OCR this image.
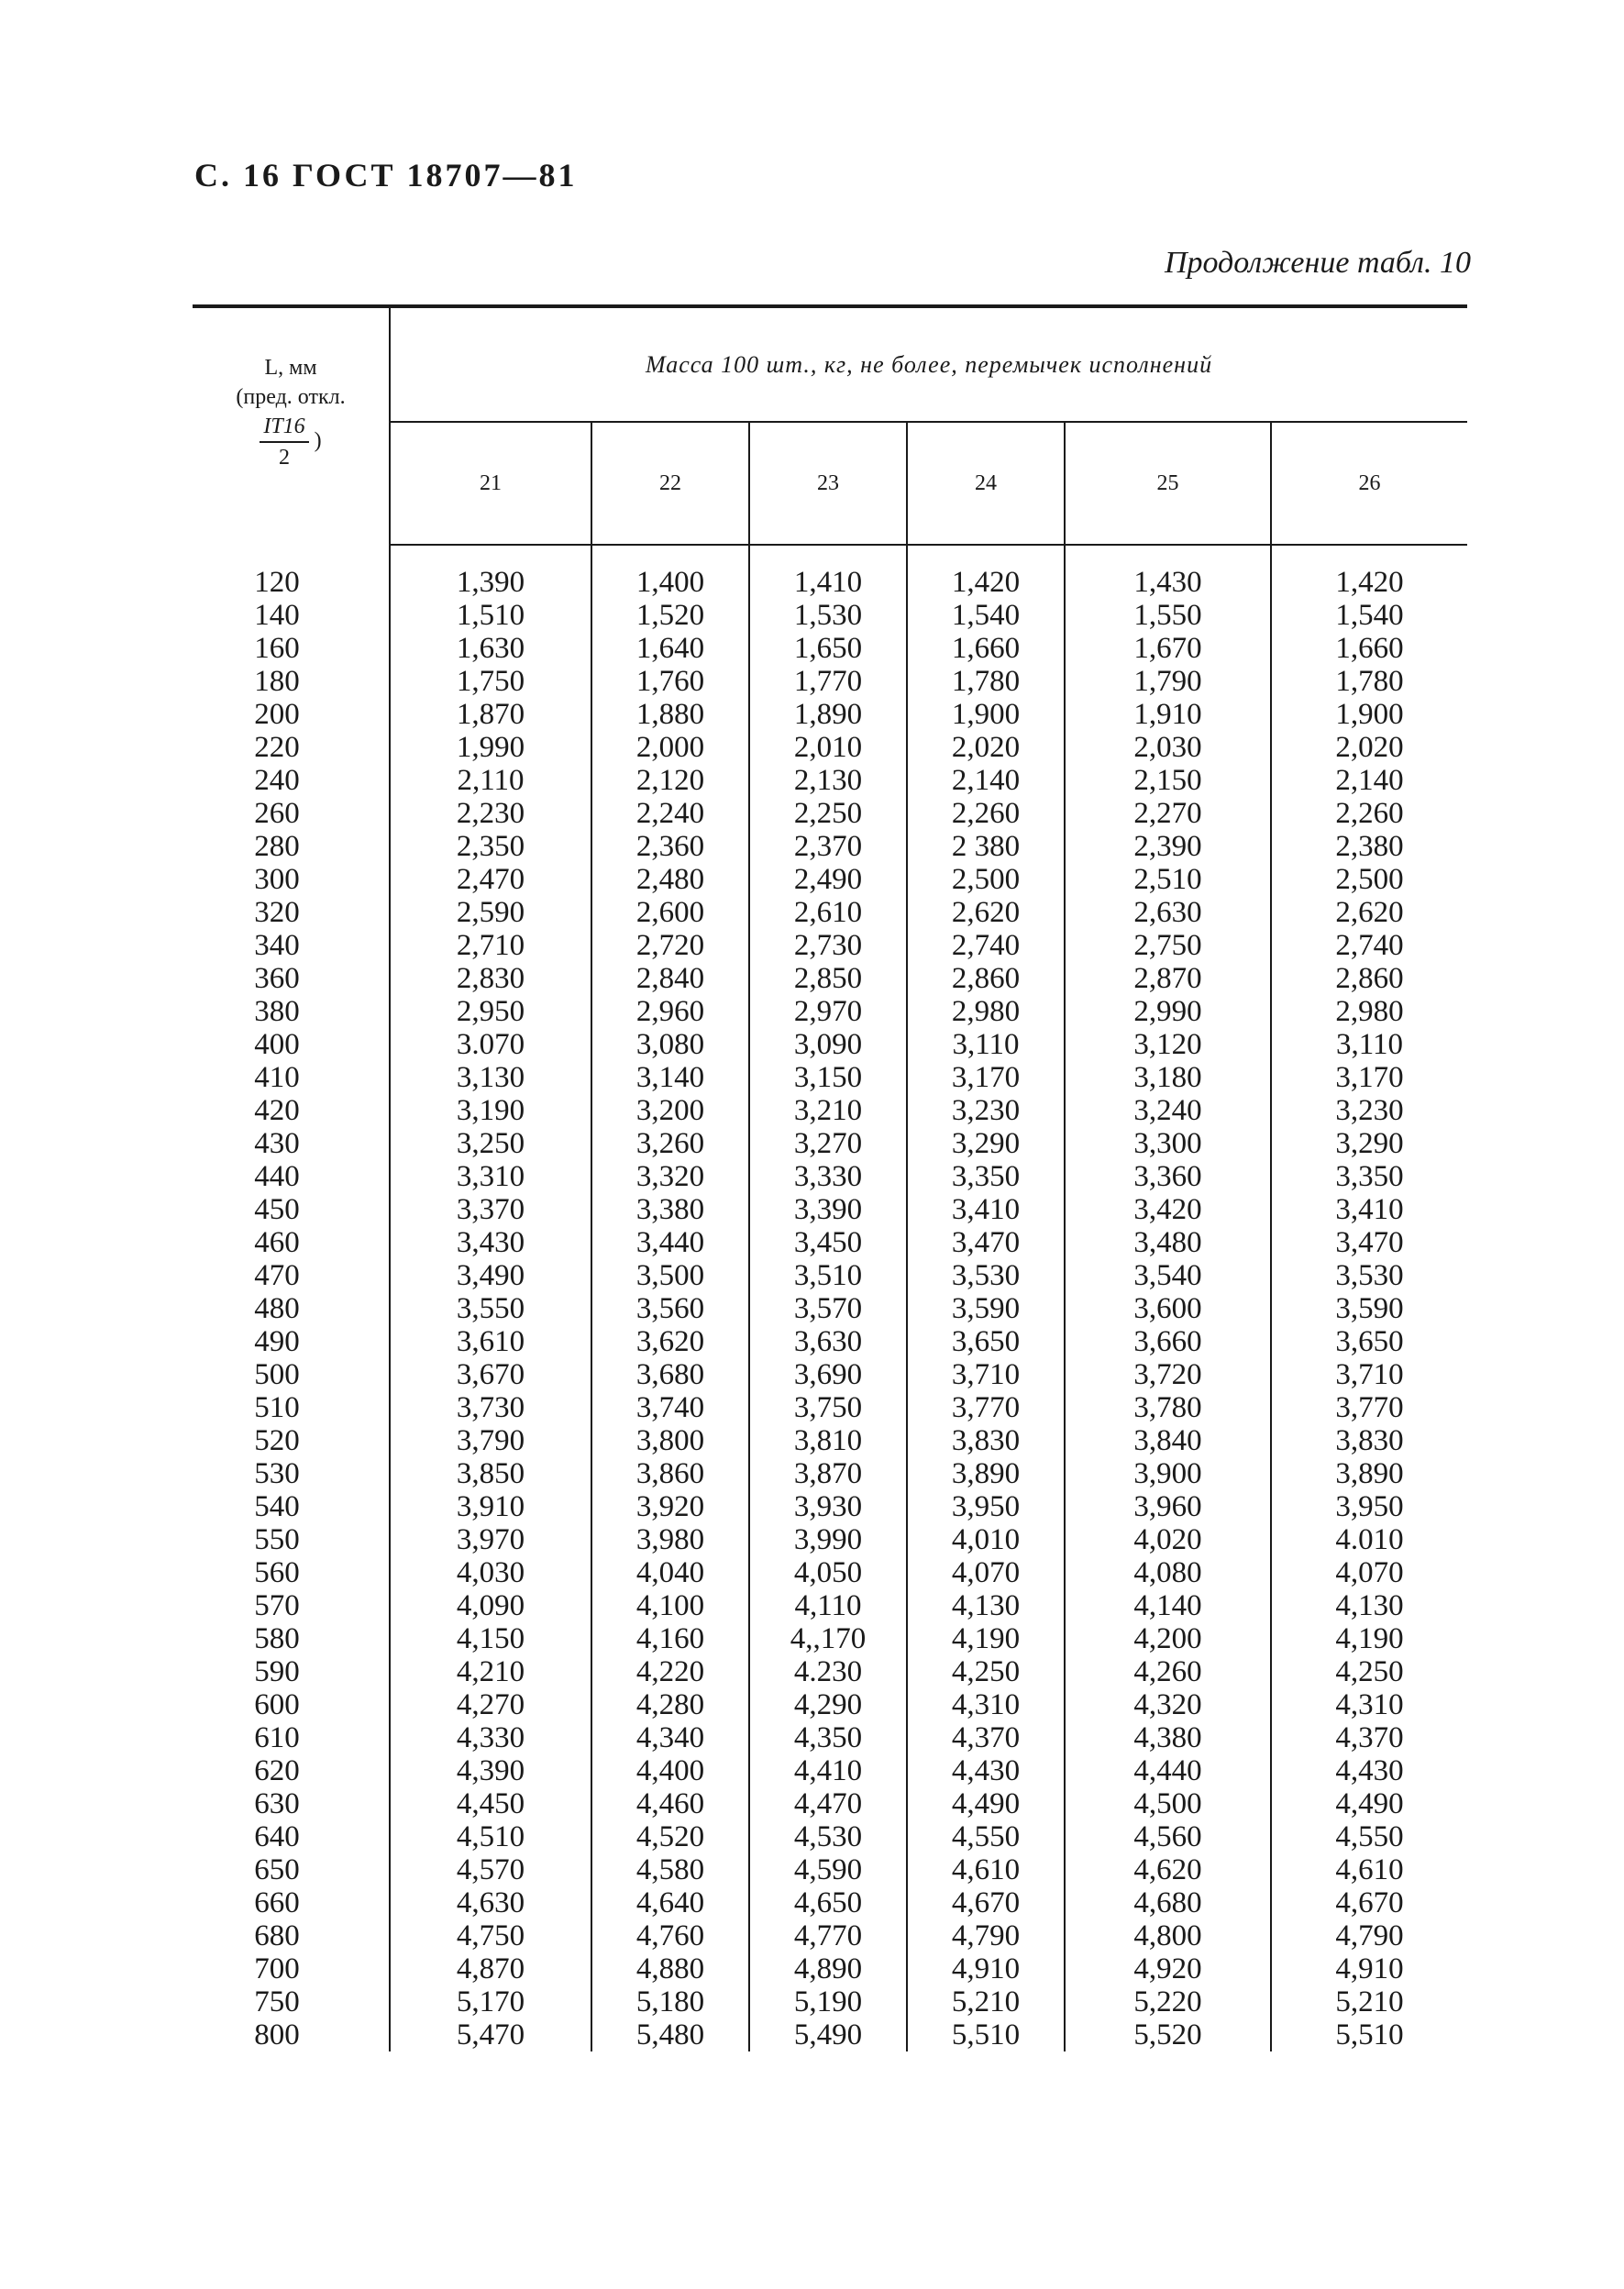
С. 16 ГОСТ 18707—81
Продолжение табл. 10
L, мм
(пред. откл.

$\frac{IT16}{2}$ )	Масса 100 шт., кг, не более, перемычек исполнений					
	21	22	23	24	25	26

120	1,390	1,400	1,410	1,420	1,430	1,420
140	1,510	1,520	1,530	1,540	1,550	1,540
160	1,630	1,640	1,650	1,660	1,670	1,660
180	1,750	1,760	1,770	1,780	1,790	1,780
200	1,870	1,880	1,890	1,900	1,910	1,900
220	1,990	2,000	2,010	2,020	2,030	2,020
240	2,110	2,120	2,130	2,140	2,150	2,140
260	2,230	2,240	2,250	2,260	2,270	2,260
280	2,350	2,360	2,370	2 380	2,390	2,380
300	2,470	2,480	2,490	2,500	2,510	2,500
320	2,590	2,600	2,610	2,620	2,630	2,620
340	2,710	2,720	2,730	2,740	2,750	2,740
360	2,830	2,840	2,850	2,860	2,870	2,860
380	2,950	2,960	2,970	2,980	2,990	2,980
400	3.070	3,080	3,090	3,110	3,120	3,110
410	3,130	3,140	3,150	3,170	3,180	3,170
420	3,190	3,200	3,210	3,230	3,240	3,230
430	3,250	3,260	3,270	3,290	3,300	3,290
440	3,310	3,320	3,330	3,350	3,360	3,350
450	3,370	3,380	3,390	3,410	3,420	3,410
460	3,430	3,440	3,450	3,470	3,480	3,470
470	3,490	3,500	3,510	3,530	3,540	3,530
480	3,550	3,560	3,570	3,590	3,600	3,590
490	3,610	3,620	3,630	3,650	3,660	3,650
500	3,670	3,680	3,690	3,710	3,720	3,710
510	3,730	3,740	3,750	3,770	3,780	3,770
520	3,790	3,800	3,810	3,830	3,840	3,830
530	3,850	3,860	3,870	3,890	3,900	3,890
540	3,910	3,920	3,930	3,950	3,960	3,950
550	3,970	3,980	3,990	4,010	4,020	4.010
560	4,030	4,040	4,050	4,070	4,080	4,070
570	4,090	4,100	4,110	4,130	4,140	4,130
580	4,150	4,160	4,,170	4,190	4,200	4,190
590	4,210	4,220	4.230	4,250	4,260	4,250
600	4,270	4,280	4,290	4,310	4,320	4,310
610	4,330	4,340	4,350	4,370	4,380	4,370
620	4,390	4,400	4,410	4,430	4,440	4,430
630	4,450	4,460	4,470	4,490	4,500	4,490
640	4,510	4,520	4,530	4,550	4,560	4,550
650	4,570	4,580	4,590	4,610	4,620	4,610
660	4,630	4,640	4,650	4,670	4,680	4,670
680	4,750	4,760	4,770	4,790	4,800	4,790
700	4,870	4,880	4,890	4,910	4,920	4,910
750	5,170	5,180	5,190	5,210	5,220	5,210
800	5,470	5,480	5,490	5,510	5,520	5,510
